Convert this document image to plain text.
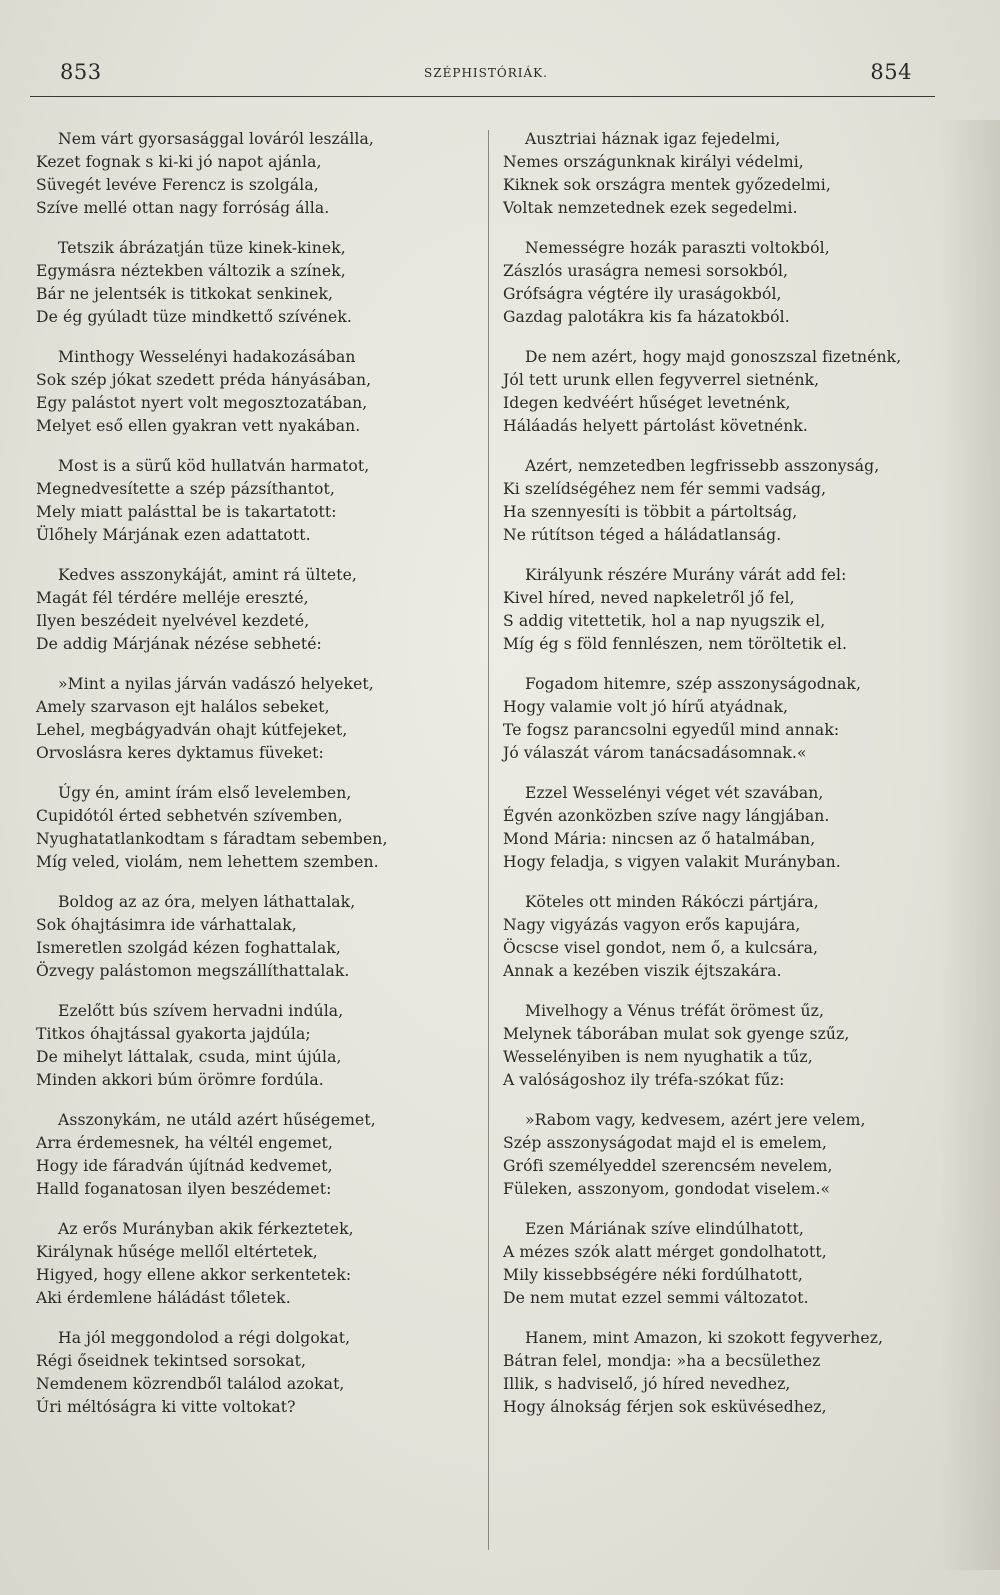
853	SZÉPHISTÓRIÁK.	854
Nem várt gyorsasággal lováról leszálla,
Kezet fognak s ki-ki jó napot ajánla,
Süvegét levéve Ferencz is szolgála,
Szíve mellé ottan nagy forróság álla.
Tetszik ábrázatján tüze kinek-kinek,
Egymásra néztekben változik a színek,
Bár ne jelentsék is titkokat senkinek,
De ég gyúladt tüze mindkettő szívének.
Minthogy Wesselényi hadakozásában
Sok szép jókat szedett préda hányásában,
Egy palástot nyert volt megosztozatában,
Melyet eső ellen gyakran vett nyakában.
Most is a sürű köd hullatván harmatot,
Megnedvesítette a szép pázsíthantot,
Mely miatt palásttal be is takartatott:
Ülőhely Márjának ezen adattatott.
Kedves asszonykáját, amint rá ültete,
Magát fél térdére melléje ereszté,
Ilyen beszédeit nyelvével kezdeté,
De addig Márjának nézése sebheté:
»Mint a nyilas járván vadászó helyeket,
Amely szarvason ejt halálos sebeket,
Lehel, megbágyadván ohajt kútfejeket,
Orvoslásra keres dyktamus füveket:
Úgy én, amint írám első levelemben,
Cupidótól érted sebhetvén szívemben,
Nyughatatlankodtam s fáradtam sebemben,
Míg veled, violám, nem lehettem szemben.
Boldog az az óra, melyen láthattalak,
Sok óhajtásimra ide várhattalak,
Ismeretlen szolgád kézen foghattalak,
Özvegy palástomon megszállíthattalak.
Ezelőtt bús szívem hervadni indúla,
Titkos óhajtással gyakorta jajdúla;
De mihelyt láttalak, csuda, mint újúla,
Minden akkori búm örömre fordúla.
Asszonykám, ne utáld azért hűségemet,
Arra érdemesnek, ha véltél engemet,
Hogy ide fáradván újítnád kedvemet,
Halld foganatosan ilyen beszédemet:
Az erős Murányban akik férkeztetek,
Királynak hűsége mellől eltértetek,
Higyed, hogy ellene akkor serkentetek:
Aki érdemlene háládást tőletek.
Ha jól meggondolod a régi dolgokat,
Régi őseidnek tekintsed sorsokat,
Nemdenem közrendből találod azokat,
Úri méltóságra ki vitte voltokat?
Ausztriai háznak igaz fejedelmi,
Nemes országunknak királyi védelmi,
Kiknek sok országra mentek győzedelmi,
Voltak nemzetednek ezek segedelmi.
Nemességre hozák paraszti voltokból,
Zászlós uraságra nemesi sorsokból,
Grófságra végtére ily uraságokból,
Gazdag palotákra kis fa házatokból.
De nem azért, hogy majd gonoszszal fizetnénk,
Jól tett urunk ellen fegyverrel sietnénk,
Idegen kedvéért hűséget levetnénk,
Háláadás helyett pártolást követnénk.
Azért, nemzetedben legfrissebb asszonyság,
Ki szelídségéhez nem fér semmi vadság,
Ha szennyesíti is többit a pártoltság,
Ne rútítson téged a háládatlanság.
Királyunk részére Murány várát add fel:
Kivel híred, neved napkeletről jő fel,
S addig vitettetik, hol a nap nyugszik el,
Míg ég s föld fennlészen, nem töröltetik el.
Fogadom hitemre, szép asszonyságodnak,
Hogy valamie volt jó hírű atyádnak,
Te fogsz parancsolni egyedűl mind annak:
Jó válaszát várom tanácsadásomnak.«
Ezzel Wesselényi véget vét szavában,
Égvén azonközben szíve nagy lángjában.
Mond Mária: nincsen az ő hatalmában,
Hogy feladja, s vigyen valakit Murányban.
Köteles ott minden Rákóczi pártjára,
Nagy vigyázás vagyon erős kapujára,
Öcscse visel gondot, nem ő, a kulcsára,
Annak a kezében viszik éjtszakára.
Mivelhogy a Vénus tréfát örömest űz,
Melynek táborában mulat sok gyenge szűz,
Wesselényiben is nem nyughatik a tűz,
A valóságoshoz ily tréfa-szókat fűz:
»Rabom vagy, kedvesem, azért jere velem,
Szép asszonyságodat majd el is emelem,
Grófi személyeddel szerencsém nevelem,
Füleken, asszonyom, gondodat viselem.«
Ezen Máriának szíve elindúlhatott,
A mézes szók alatt mérget gondolhatott,
Mily kissebbségére néki fordúlhatott,
De nem mutat ezzel semmi változatot.
Hanem, mint Amazon, ki szokott fegyverhez,
Bátran felel, mondja: »ha a becsülethez
Illik, s hadviselő, jó híred nevedhez,
Hogy álnokság férjen sok esküvésedhez,
